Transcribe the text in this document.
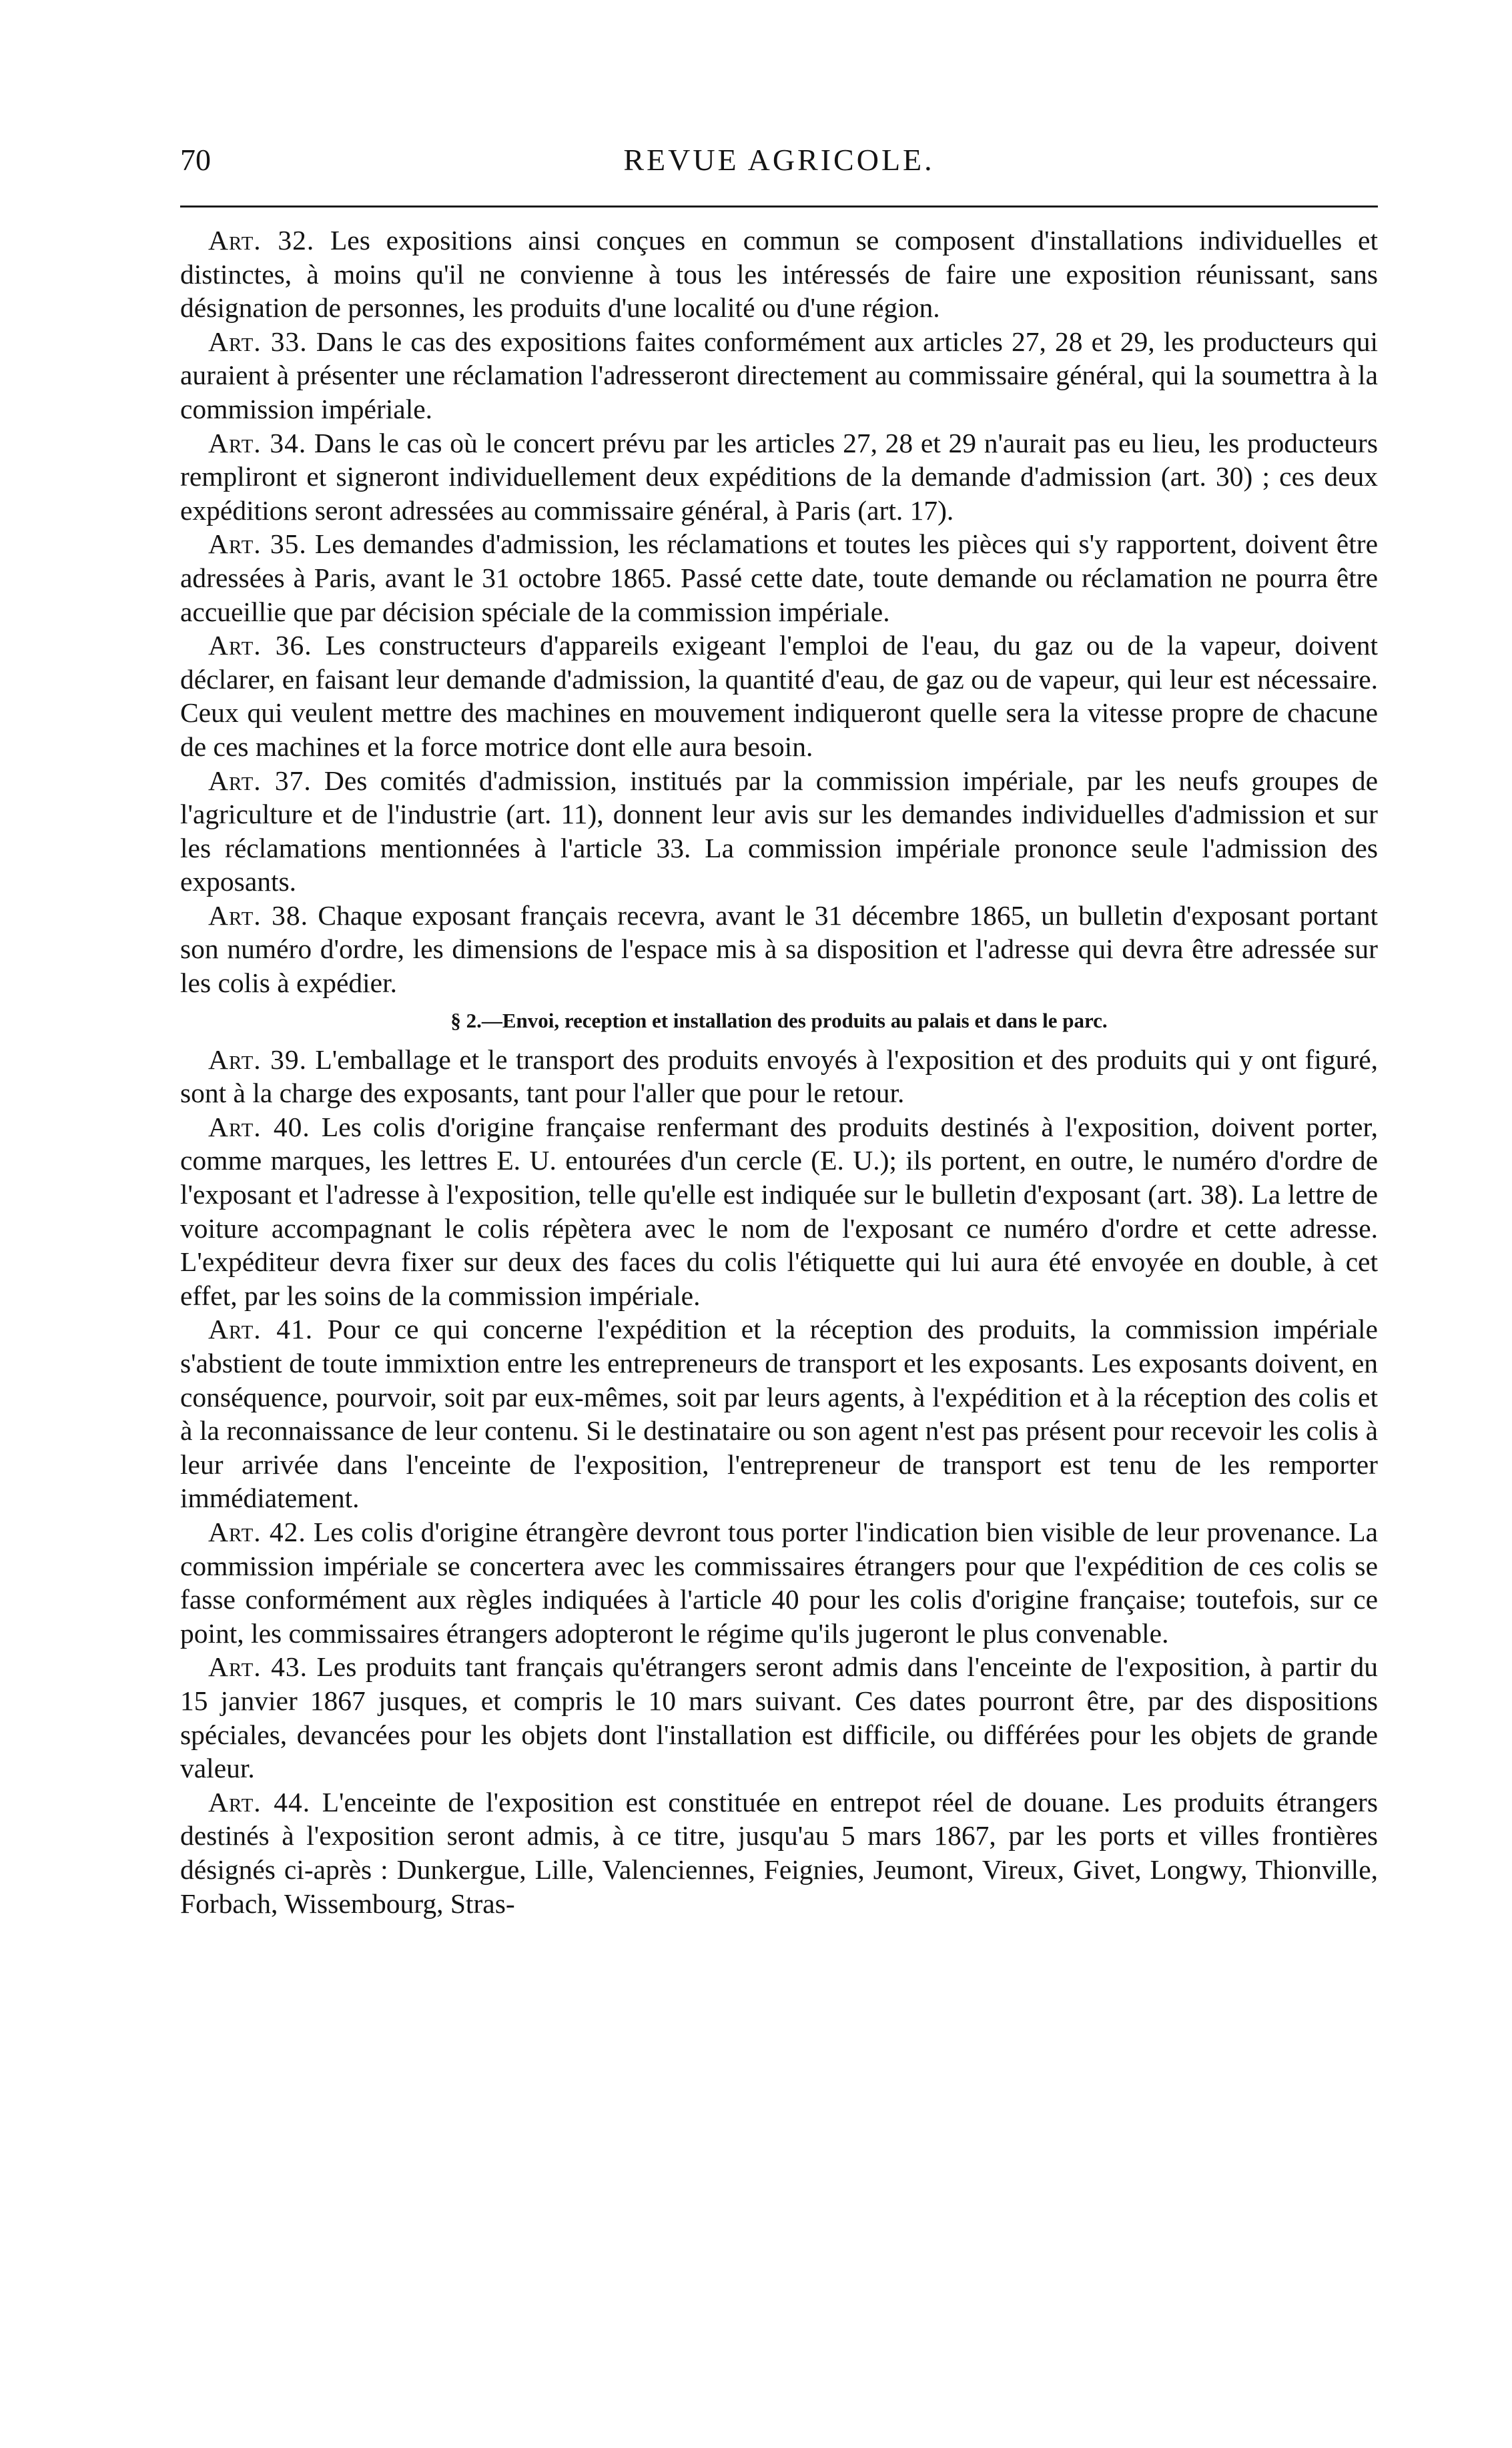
70	REVUE AGRICOLE.

Art. 32. Les expositions ainsi conçues en commun se composent d'installations individuelles et distinctes, à moins qu'il ne convienne à tous les intéressés de faire une exposition réunissant, sans désignation de personnes, les produits d'une localité ou d'une région.

Art. 33. Dans le cas des expositions faites conformément aux articles 27, 28 et 29, les producteurs qui auraient à présenter une réclamation l'adresseront directement au commissaire général, qui la soumettra à la commission impériale.

Art. 34. Dans le cas où le concert prévu par les articles 27, 28 et 29 n'aurait pas eu lieu, les producteurs rempliront et signeront individuellement deux expéditions de la demande d'admission (art. 30) ; ces deux expéditions seront adressées au commissaire général, à Paris (art. 17).

Art. 35. Les demandes d'admission, les réclamations et toutes les pièces qui s'y rapportent, doivent être adressées à Paris, avant le 31 octobre 1865. Passé cette date, toute demande ou réclamation ne pourra être accueillie que par décision spéciale de la commission impériale.

Art. 36. Les constructeurs d'appareils exigeant l'emploi de l'eau, du gaz ou de la vapeur, doivent déclarer, en faisant leur demande d'admission, la quantité d'eau, de gaz ou de vapeur, qui leur est nécessaire. Ceux qui veulent mettre des machines en mouvement indiqueront quelle sera la vitesse propre de chacune de ces machines et la force motrice dont elle aura besoin.

Art. 37. Des comités d'admission, institués par la commission impériale, par les neufs groupes de l'agriculture et de l'industrie (art. 11), donnent leur avis sur les demandes individuelles d'admission et sur les réclamations mentionnées à l'article 33. La commission impériale prononce seule l'admission des exposants.

Art. 38. Chaque exposant français recevra, avant le 31 décembre 1865, un bulletin d'exposant portant son numéro d'ordre, les dimensions de l'espace mis à sa disposition et l'adresse qui devra être adressée sur les colis à expédier.

§ 2.—Envoi, reception et installation des produits au palais et dans le parc.

Art. 39. L'emballage et le transport des produits envoyés à l'exposition et des produits qui y ont figuré, sont à la charge des exposants, tant pour l'aller que pour le retour.

Art. 40. Les colis d'origine française renfermant des produits destinés à l'exposition, doivent porter, comme marques, les lettres E. U. entourées d'un cercle (E. U.); ils portent, en outre, le numéro d'ordre de l'exposant et l'adresse à l'exposition, telle qu'elle est indiquée sur le bulletin d'exposant (art. 38). La lettre de voiture accompagnant le colis répètera avec le nom de l'exposant ce numéro d'ordre et cette adresse. L'expéditeur devra fixer sur deux des faces du colis l'étiquette qui lui aura été envoyée en double, à cet effet, par les soins de la commission impériale.

Art. 41. Pour ce qui concerne l'expédition et la réception des produits, la commission impériale s'abstient de toute immixtion entre les entrepreneurs de transport et les exposants. Les exposants doivent, en conséquence, pourvoir, soit par eux-mêmes, soit par leurs agents, à l'expédition et à la réception des colis et à la reconnaissance de leur contenu. Si le destinataire ou son agent n'est pas présent pour recevoir les colis à leur arrivée dans l'enceinte de l'exposition, l'entrepreneur de transport est tenu de les remporter immédiatement.

Art. 42. Les colis d'origine étrangère devront tous porter l'indication bien visible de leur provenance. La commission impériale se concertera avec les commissaires étrangers pour que l'expédition de ces colis se fasse conformément aux règles indiquées à l'article 40 pour les colis d'origine française; toutefois, sur ce point, les commissaires étrangers adopteront le régime qu'ils jugeront le plus convenable.

Art. 43. Les produits tant français qu'étrangers seront admis dans l'enceinte de l'exposition, à partir du 15 janvier 1867 jusques, et compris le 10 mars suivant. Ces dates pourront être, par des dispositions spéciales, devancées pour les objets dont l'installation est difficile, ou différées pour les objets de grande valeur.

Art. 44. L'enceinte de l'exposition est constituée en entrepot réel de douane. Les produits étrangers destinés à l'exposition seront admis, à ce titre, jusqu'au 5 mars 1867, par les ports et villes frontières désignés ci-après : Dunkergue, Lille, Valenciennes, Feignies, Jeumont, Vireux, Givet, Longwy, Thionville, Forbach, Wissembourg, Stras-
